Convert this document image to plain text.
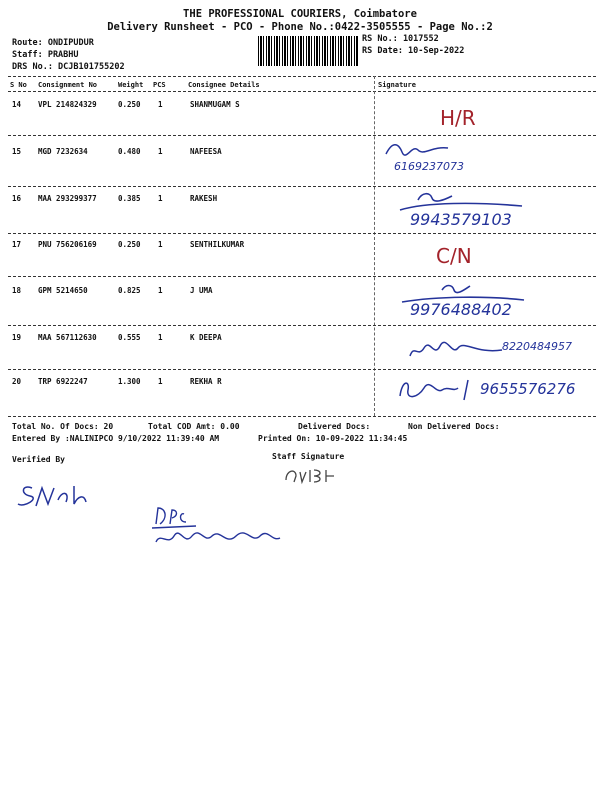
THE PROFESSIONAL COURIERS, Coimbatore
Delivery Runsheet - PCO - Phone No.:0422-3505555 - Page No.:2
Route: ONDIPUDUR
Staff: PRABHU
DRS No.: DCJB101755202
RS No.: 1017552
RS Date: 10-Sep-2022
S No Consignment No	Weight PCS	Consignee Details	Signature
14 VPL 214824329	0.250 1	SHANMUGAM S
H/R
15 MGD 7232634	0.480 1	NAFEESA
6169237073
16 MAA 293299377	0.385 1	RAKESH
9943579103
17 PNU 756206169	0.250 1	SENTHILKUMAR	C/N
18 GPM 5214650	0.825 1	J UMA
9976488402
19 MAA 567112630	0.555 1	K DEEPA
8220484957
20 TRP 6922247	1.300 1	REKHA R	9655576276
Total No. Of Docs: 20	Total COD Amt: 0.00	Delivered Docs:	Non Delivered Docs:
Entered By :NALINIPCO 9/10/2022 11:39:40 AM	Printed On: 10-09-2022 11:34:45
Verified By	Staff Signature
